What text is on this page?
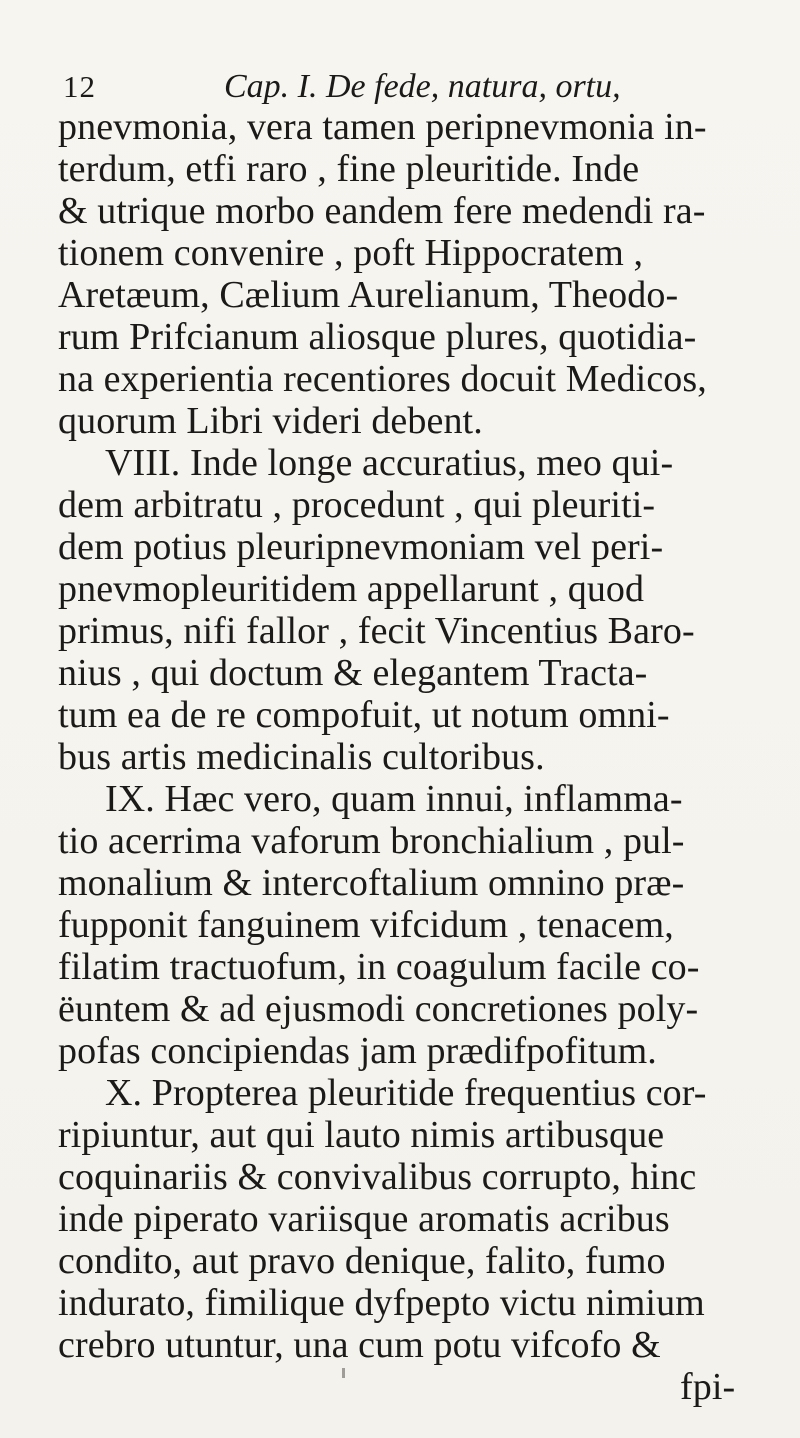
12	Cap. I. De fede, natura, ortu,
pnevmonia, vera tamen peripnevmonia in-
terdum, etfi raro , fine pleuritide. Inde
& utrique morbo eandem fere medendi ra-
tionem convenire , poft Hippocratem ,
Aretæum, Cælium Aurelianum, Theodo-
rum Prifcianum aliosque plures, quotidia-
na experientia recentiores docuit Medicos,
quorum Libri videri debent.
VIII. Inde longe accuratius, meo qui-
dem arbitratu , procedunt , qui pleuriti-
dem potius pleuripnevmoniam vel peri-
pnevmopleuritidem appellarunt , quod
primus, nifi fallor , fecit Vincentius Baro-
nius , qui doctum & elegantem Tracta-
tum ea de re compofuit, ut notum omni-
bus artis medicinalis cultoribus.
IX. Hæc vero, quam innui, inflamma-
tio acerrima vaforum bronchialium , pul-
monalium & intercoftalium omnino præ-
fupponit fanguinem vifcidum , tenacem,
filatim tractuofum, in coagulum facile co-
ëuntem & ad ejusmodi concretiones poly-
pofas concipiendas jam prædifpofitum.
X. Propterea pleuritide frequentius cor-
ripiuntur, aut qui lauto nimis artibusque
coquinariis & convivalibus corrupto, hinc
inde piperato variisque aromatis acribus
condito, aut pravo denique, falito, fumo
indurato, fimilique dyfpepto victu nimium
crebro utuntur, una cum potu vifcofo &
fpi-
